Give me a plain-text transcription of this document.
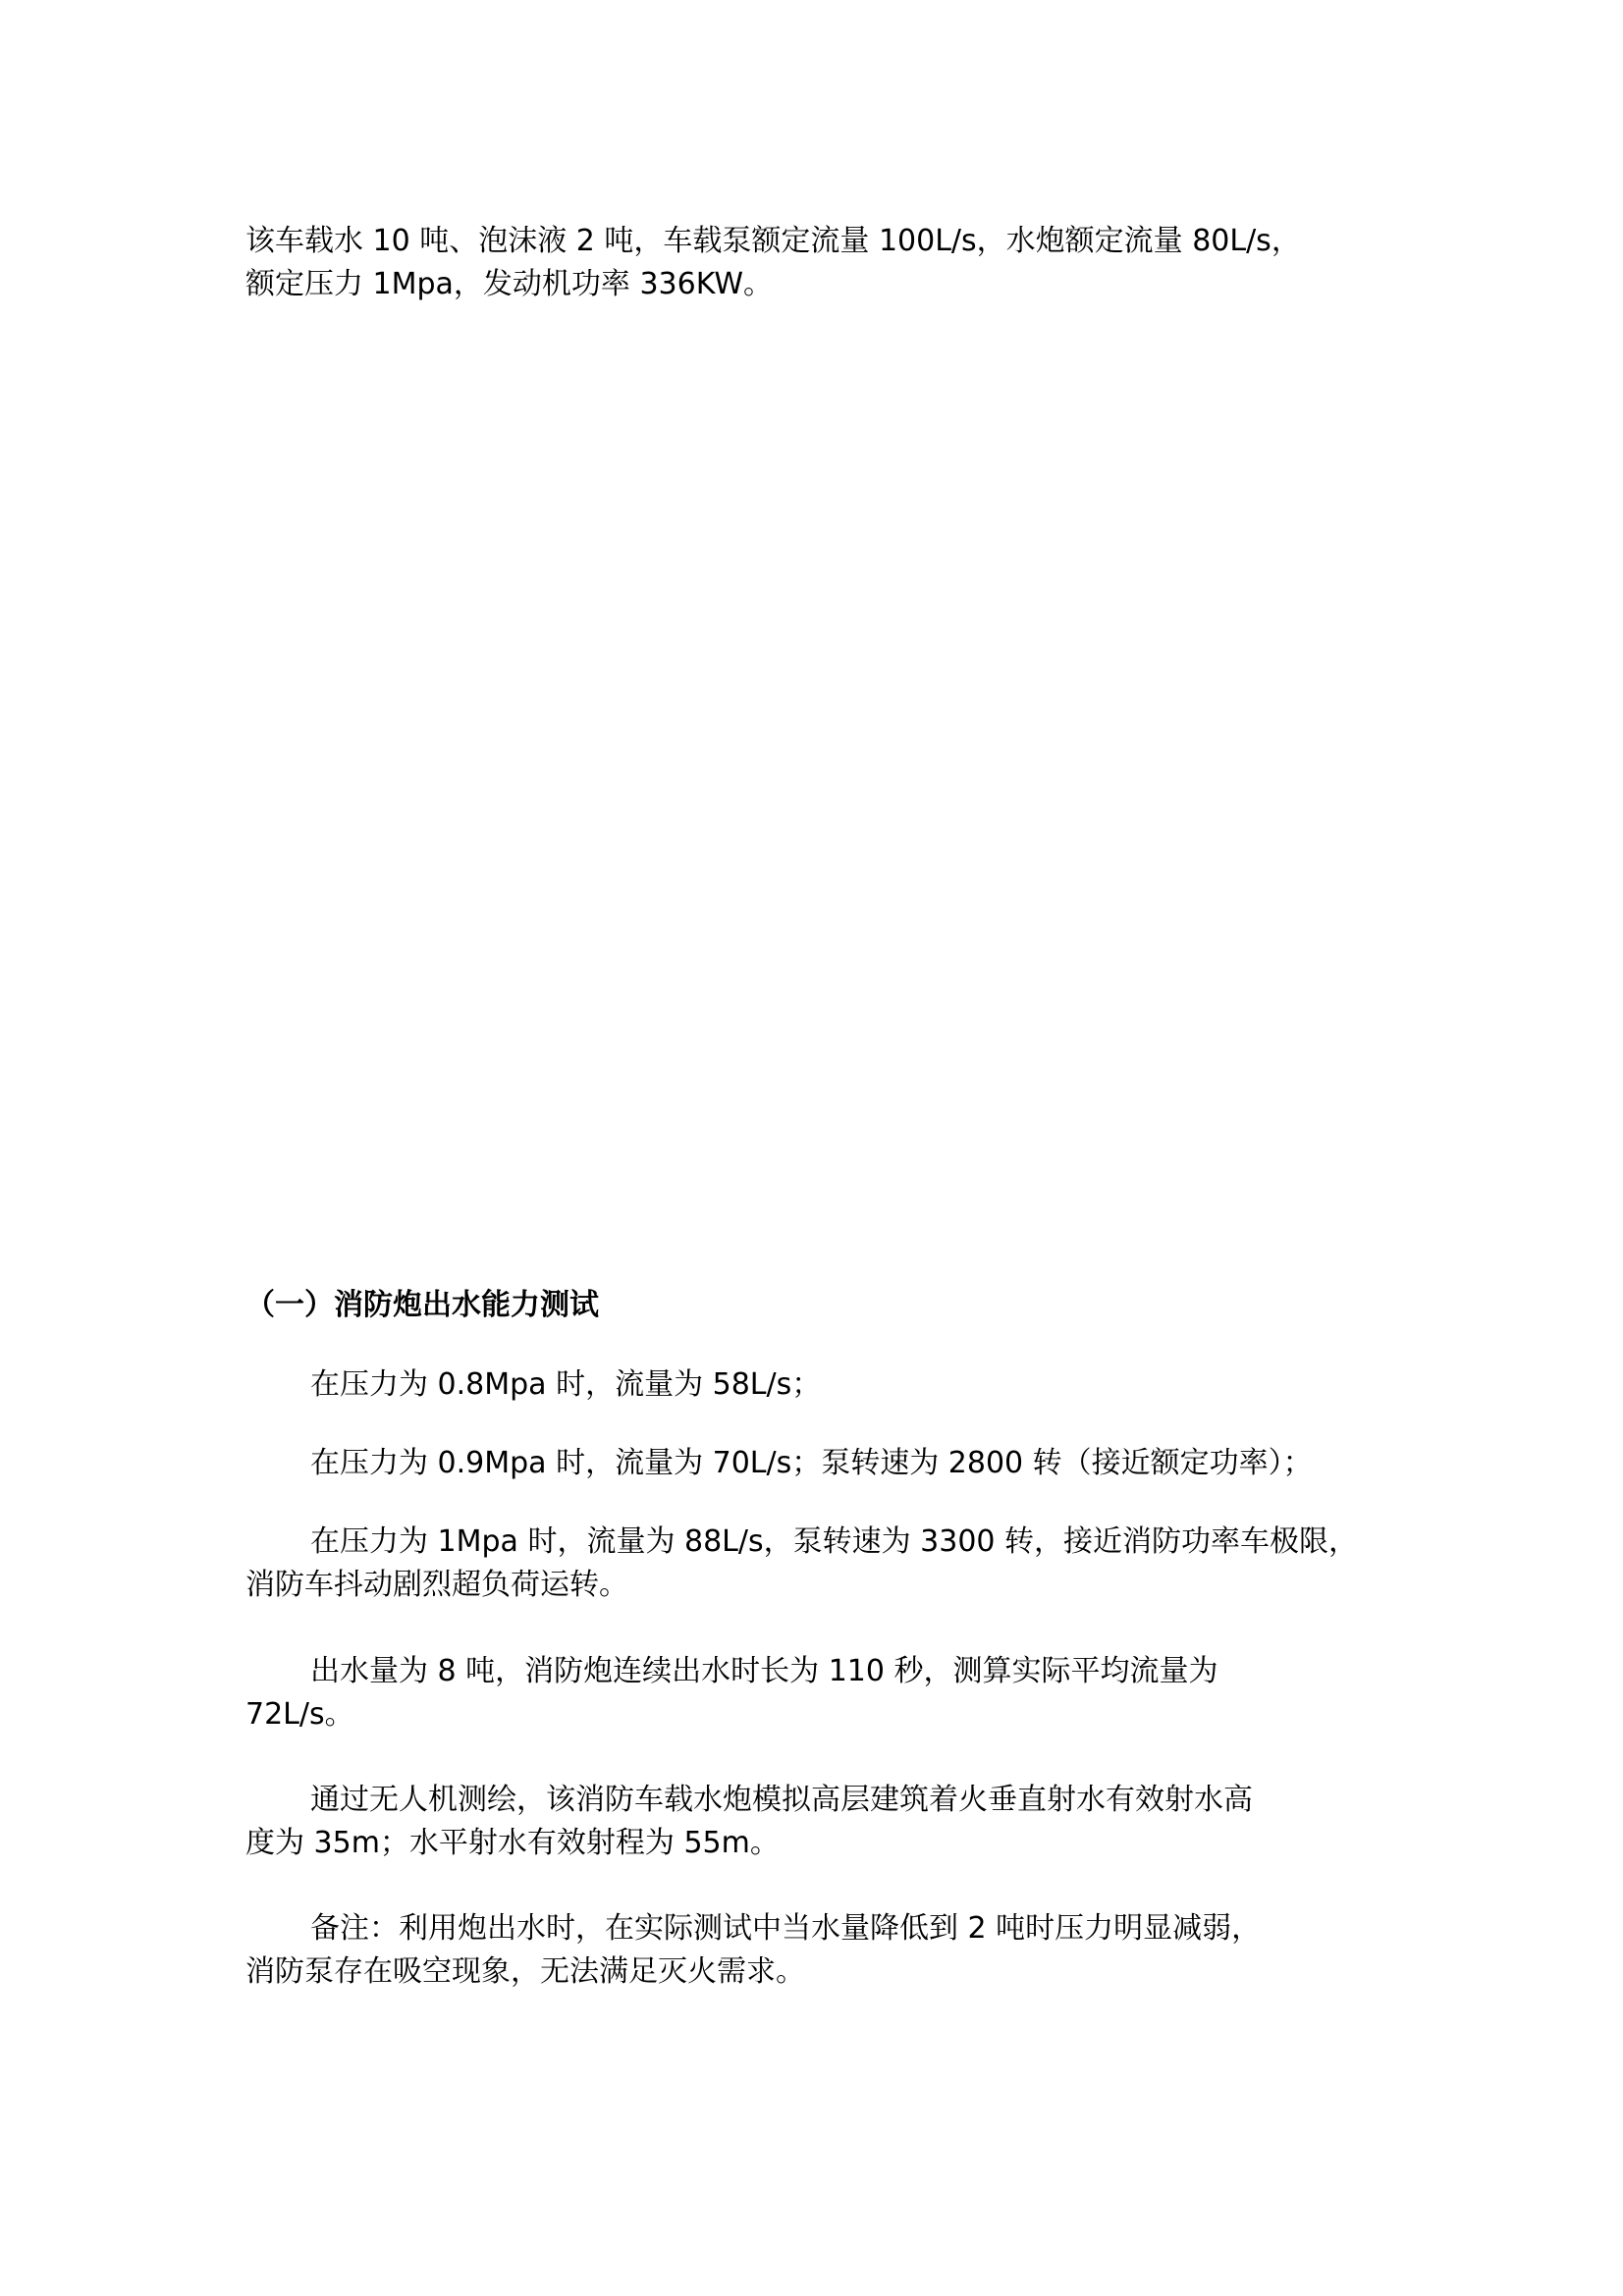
该车载水 10 吨、泡沫液 2 吨，车载泵额定流量 100L/s，水炮额定流量 80L/s，
额定压力 1Mpa，发动机功率 336KW。
（一）消防炮出水能力测试
在压力为 0.8Mpa 时，流量为 58L/s；
在压力为 0.9Mpa 时，流量为 70L/s；泵转速为 2800 转（接近额定功率）；
在压力为 1Mpa 时，流量为 88L/s，泵转速为 3300 转，接近消防功率车极限，
消防车抖动剧烈超负荷运转。
出水量为 8 吨，消防炮连续出水时长为 110 秒，测算实际平均流量为
72L/s。
通过无人机测绘，该消防车载水炮模拟高层建筑着火垂直射水有效射水高
度为 35m；水平射水有效射程为 55m。
备注：利用炮出水时，在实际测试中当水量降低到 2 吨时压力明显减弱，
消防泵存在吸空现象，无法满足灭火需求。
